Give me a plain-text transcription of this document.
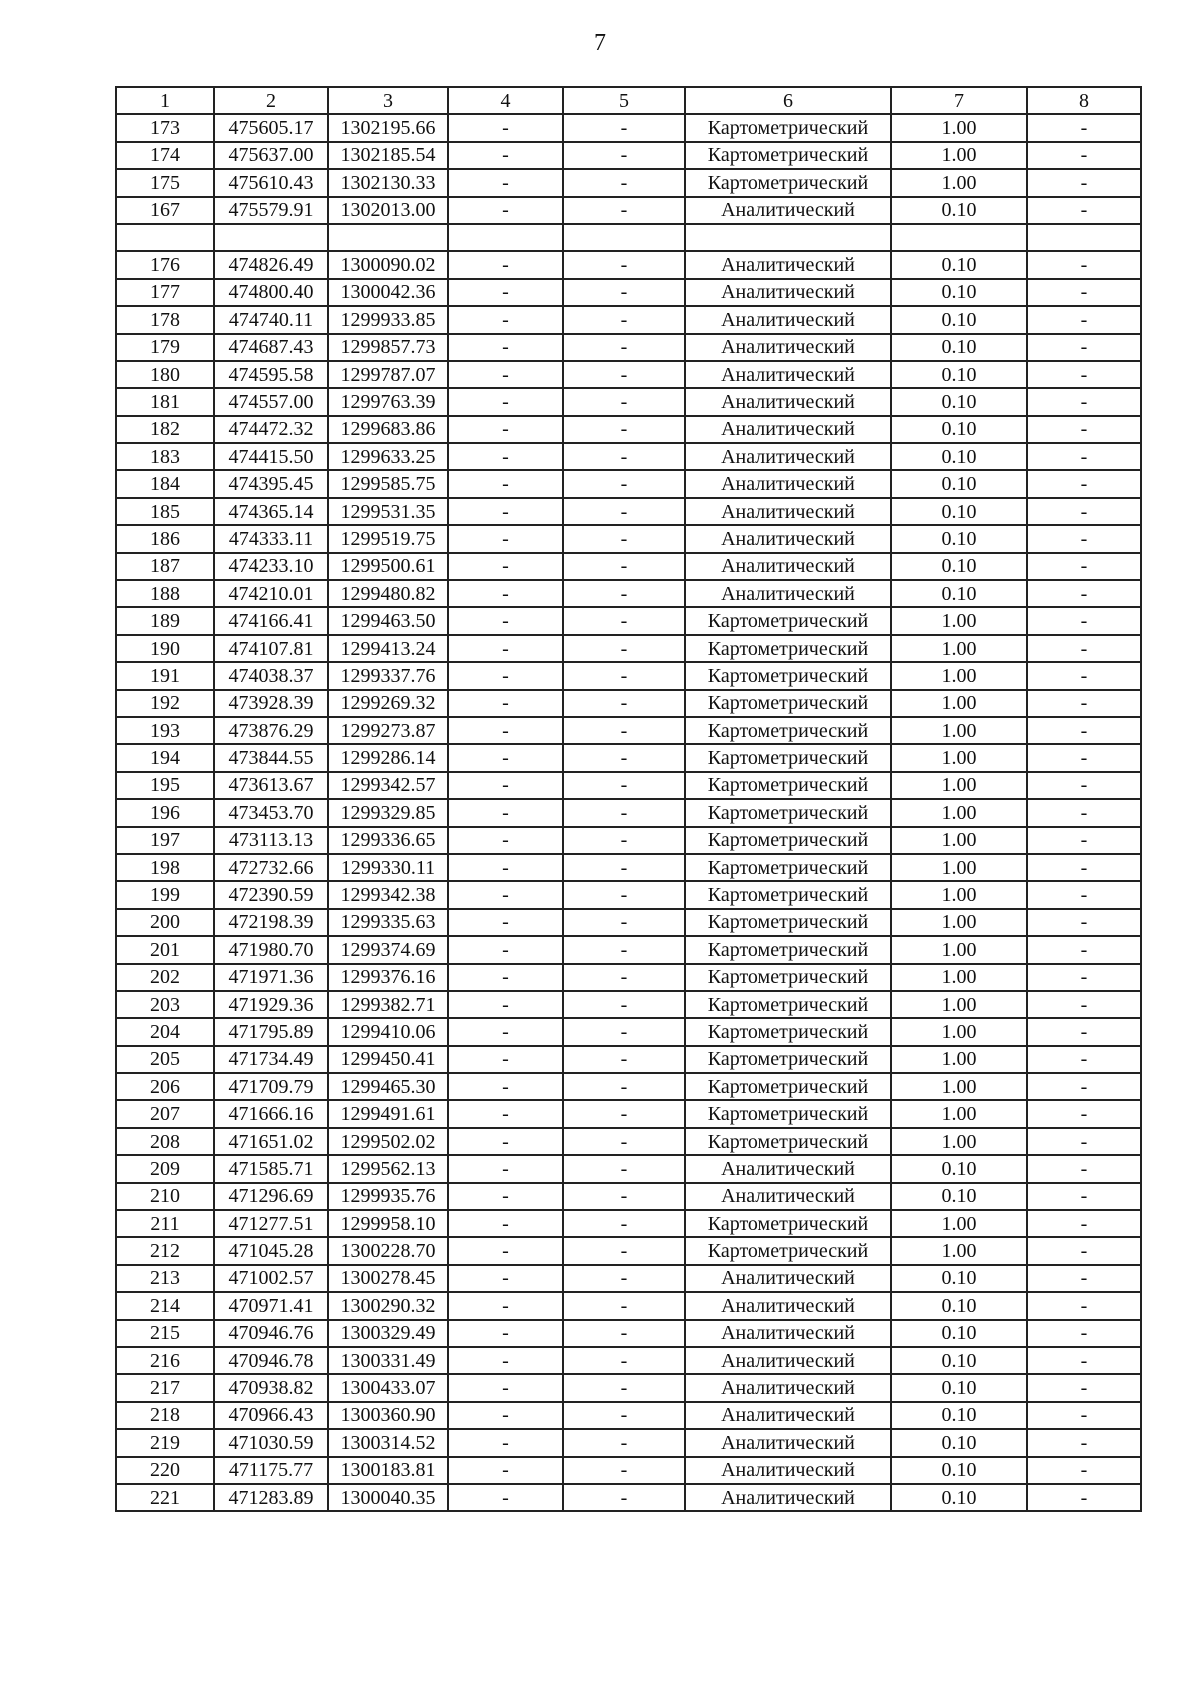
7
1	2	3	4	5	6	7	8
173	475605.17	1302195.66	-	-	Картометрический	1.00	-
174	475637.00	1302185.54	-	-	Картометрический	1.00	-
175	475610.43	1302130.33	-	-	Картометрический	1.00	-
167	475579.91	1302013.00	-	-	Аналитический	0.10	-

176	474826.49	1300090.02	-	-	Аналитический	0.10	-
177	474800.40	1300042.36	-	-	Аналитический	0.10	-
178	474740.11	1299933.85	-	-	Аналитический	0.10	-
179	474687.43	1299857.73	-	-	Аналитический	0.10	-
180	474595.58	1299787.07	-	-	Аналитический	0.10	-
181	474557.00	1299763.39	-	-	Аналитический	0.10	-
182	474472.32	1299683.86	-	-	Аналитический	0.10	-
183	474415.50	1299633.25	-	-	Аналитический	0.10	-
184	474395.45	1299585.75	-	-	Аналитический	0.10	-
185	474365.14	1299531.35	-	-	Аналитический	0.10	-
186	474333.11	1299519.75	-	-	Аналитический	0.10	-
187	474233.10	1299500.61	-	-	Аналитический	0.10	-
188	474210.01	1299480.82	-	-	Аналитический	0.10	-
189	474166.41	1299463.50	-	-	Картометрический	1.00	-
190	474107.81	1299413.24	-	-	Картометрический	1.00	-
191	474038.37	1299337.76	-	-	Картометрический	1.00	-
192	473928.39	1299269.32	-	-	Картометрический	1.00	-
193	473876.29	1299273.87	-	-	Картометрический	1.00	-
194	473844.55	1299286.14	-	-	Картометрический	1.00	-
195	473613.67	1299342.57	-	-	Картометрический	1.00	-
196	473453.70	1299329.85	-	-	Картометрический	1.00	-
197	473113.13	1299336.65	-	-	Картометрический	1.00	-
198	472732.66	1299330.11	-	-	Картометрический	1.00	-
199	472390.59	1299342.38	-	-	Картометрический	1.00	-
200	472198.39	1299335.63	-	-	Картометрический	1.00	-
201	471980.70	1299374.69	-	-	Картометрический	1.00	-
202	471971.36	1299376.16	-	-	Картометрический	1.00	-
203	471929.36	1299382.71	-	-	Картометрический	1.00	-
204	471795.89	1299410.06	-	-	Картометрический	1.00	-
205	471734.49	1299450.41	-	-	Картометрический	1.00	-
206	471709.79	1299465.30	-	-	Картометрический	1.00	-
207	471666.16	1299491.61	-	-	Картометрический	1.00	-
208	471651.02	1299502.02	-	-	Картометрический	1.00	-
209	471585.71	1299562.13	-	-	Аналитический	0.10	-
210	471296.69	1299935.76	-	-	Аналитический	0.10	-
211	471277.51	1299958.10	-	-	Картометрический	1.00	-
212	471045.28	1300228.70	-	-	Картометрический	1.00	-
213	471002.57	1300278.45	-	-	Аналитический	0.10	-
214	470971.41	1300290.32	-	-	Аналитический	0.10	-
215	470946.76	1300329.49	-	-	Аналитический	0.10	-
216	470946.78	1300331.49	-	-	Аналитический	0.10	-
217	470938.82	1300433.07	-	-	Аналитический	0.10	-
218	470966.43	1300360.90	-	-	Аналитический	0.10	-
219	471030.59	1300314.52	-	-	Аналитический	0.10	-
220	471175.77	1300183.81	-	-	Аналитический	0.10	-
221	471283.89	1300040.35	-	-	Аналитический	0.10	-
